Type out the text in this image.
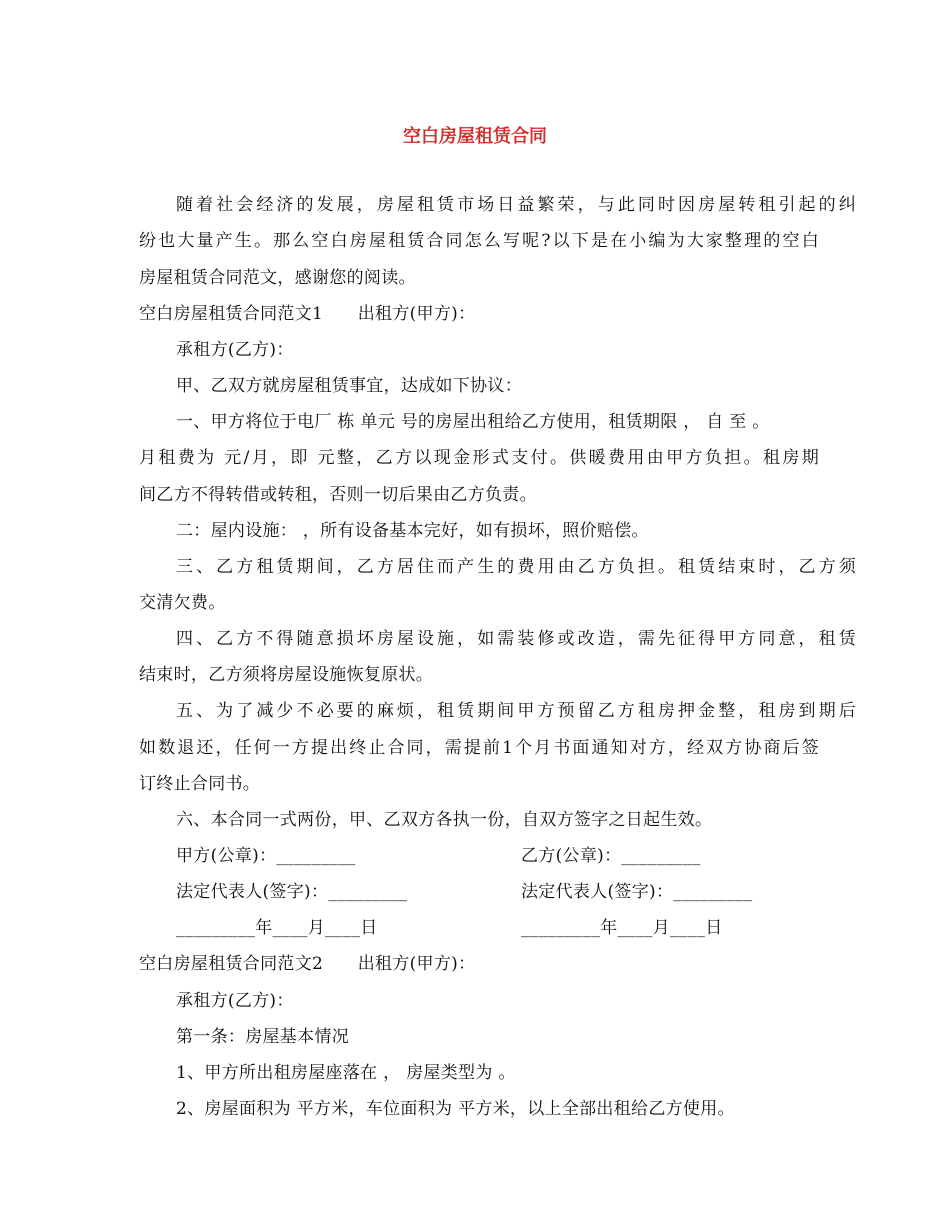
空白房屋租赁合同
随着社会经济的发展，房屋租赁市场日益繁荣，与此同时因房屋转租引起的纠
纷也大量产生。那么空白房屋租赁合同怎么写呢?以下是在小编为大家整理的空白
房屋租赁合同范文，感谢您的阅读。
空白房屋租赁合同范文1　　出租方(甲方)：
承租方(乙方)：
甲、乙双方就房屋租赁事宜，达成如下协议：
一、甲方将位于电厂 栋 单元 号的房屋出租给乙方使用，租赁期限 ， 自 至 。
月租费为 元/月，即 元整，乙方以现金形式支付。供暖费用由甲方负担。租房期
间乙方不得转借或转租，否则一切后果由乙方负责。
二：屋内设施： ，所有设备基本完好，如有损坏，照价赔偿。
三、乙方租赁期间，乙方居住而产生的费用由乙方负担。租赁结束时，乙方须
交清欠费。
四、乙方不得随意损坏房屋设施，如需装修或改造，需先征得甲方同意，租赁
结束时，乙方须将房屋设施恢复原状。
五、为了减少不必要的麻烦，租赁期间甲方预留乙方租房押金整，租房到期后
如数退还，任何一方提出终止合同，需提前1个月书面通知对方，经双方协商后签
订终止合同书。
六、本合同一式两份，甲、乙双方各执一份，自双方签字之日起生效。
甲方(公章)：_________	乙方(公章)：_________
法定代表人(签字)：_________	法定代表人(签字)：_________
_________年____月____日	_________年____月____日
空白房屋租赁合同范文2　　出租方(甲方)：
承租方(乙方)：
第一条：房屋基本情况
1、甲方所出租房屋座落在 ， 房屋类型为 。
2、房屋面积为 平方米，车位面积为 平方米，以上全部出租给乙方使用。
